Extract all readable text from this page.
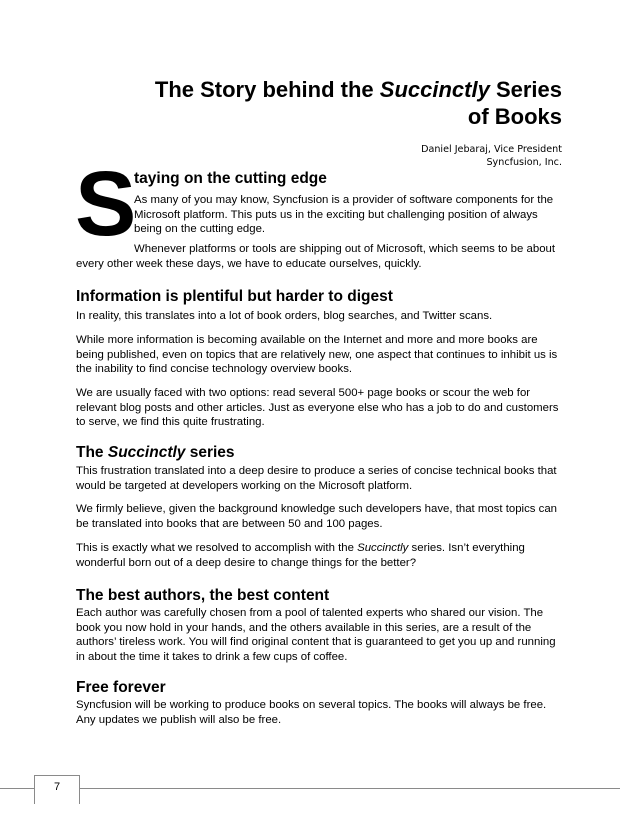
The Story behind the Succinctly Series
of Books
Daniel Jebaraj, Vice President
Syncfusion, Inc.
S
taying on the cutting edge

As many of you may know, Syncfusion is a provider of software components for the Microsoft platform. This puts us in the exciting but challenging position of always being on the cutting edge.

Whenever platforms or tools are shipping out of Microsoft, which seems to be about

every other week these days, we have to educate ourselves, quickly.

Information is plentiful but harder to digest

In reality, this translates into a lot of book orders, blog searches, and Twitter scans.

While more information is becoming available on the Internet and more and more books are being published, even on topics that are relatively new, one aspect that continues to inhibit us is the inability to find concise technology overview books.

We are usually faced with two options: read several 500+ page books or scour the web for relevant blog posts and other articles. Just as everyone else who has a job to do and customers to serve, we find this quite frustrating.

The Succinctly series

This frustration translated into a deep desire to produce a series of concise technical books that would be targeted at developers working on the Microsoft platform.

We firmly believe, given the background knowledge such developers have, that most topics can be translated into books that are between 50 and 100 pages.

This is exactly what we resolved to accomplish with the Succinctly series. Isn’t everything wonderful born out of a deep desire to change things for the better?

The best authors, the best content

Each author was carefully chosen from a pool of talented experts who shared our vision. The book you now hold in your hands, and the others available in this series, are a result of the authors’ tireless work. You will find original content that is guaranteed to get you up and running in about the time it takes to drink a few cups of coffee.

Free forever

Syncfusion will be working to produce books on several topics. The books will always be free. Any updates we publish will also be free.

7
